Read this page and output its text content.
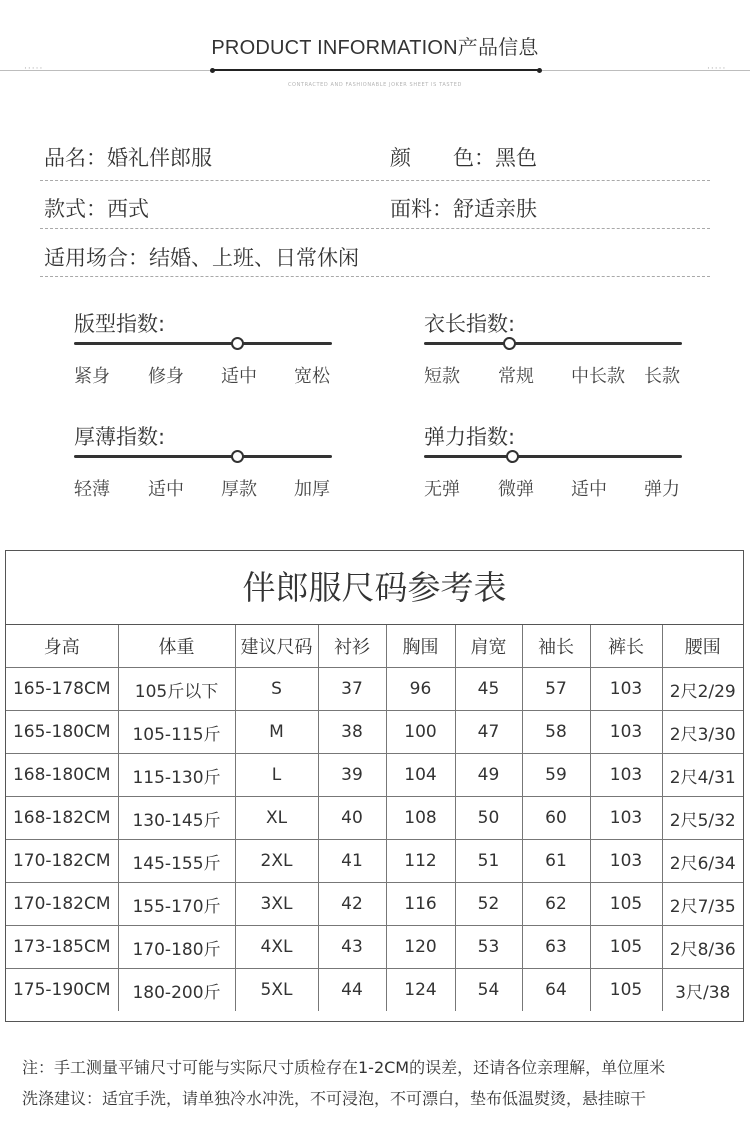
PRODUCT INFORMATION产品信息
·····	·····
CONTRACTED AND FASHIONABLE JOKER SHEET IS TASTED
品名：婚礼伴郎服	颜　　色：黑色
款式：西式	面料：舒适亲肤
适用场合：结婚、上班、日常休闲
版型指数:
紧身 修身 适中 宽松
衣长指数:
短款 常规 中长款 长款
厚薄指数:
轻薄 适中 厚款 加厚
弹力指数:
无弹 微弹 适中 弹力
伴郎服尺码参考表
身高	体重	建议尺码	衬衫	胸围	肩宽	袖长	裤长	腰围
165-178CM	105斤以下	S	37	96	45	57	103	2尺2/29
165-180CM	105-115斤	M	38	100	47	58	103	2尺3/30
168-180CM	115-130斤	L	39	104	49	59	103	2尺4/31
168-182CM	130-145斤	XL	40	108	50	60	103	2尺5/32
170-182CM	145-155斤	2XL	41	112	51	61	103	2尺6/34
170-182CM	155-170斤	3XL	42	116	52	62	105	2尺7/35
173-185CM	170-180斤	4XL	43	120	53	63	105	2尺8/36
175-190CM	180-200斤	5XL	44	124	54	64	105	3尺/38
注：手工测量平铺尺寸可能与实际尺寸质检存在1-2CM的误差，还请各位亲理解，单位厘米
洗涤建议：适宜手洗，请单独冷水冲洗，不可浸泡，不可漂白，垫布低温熨烫，悬挂晾干
